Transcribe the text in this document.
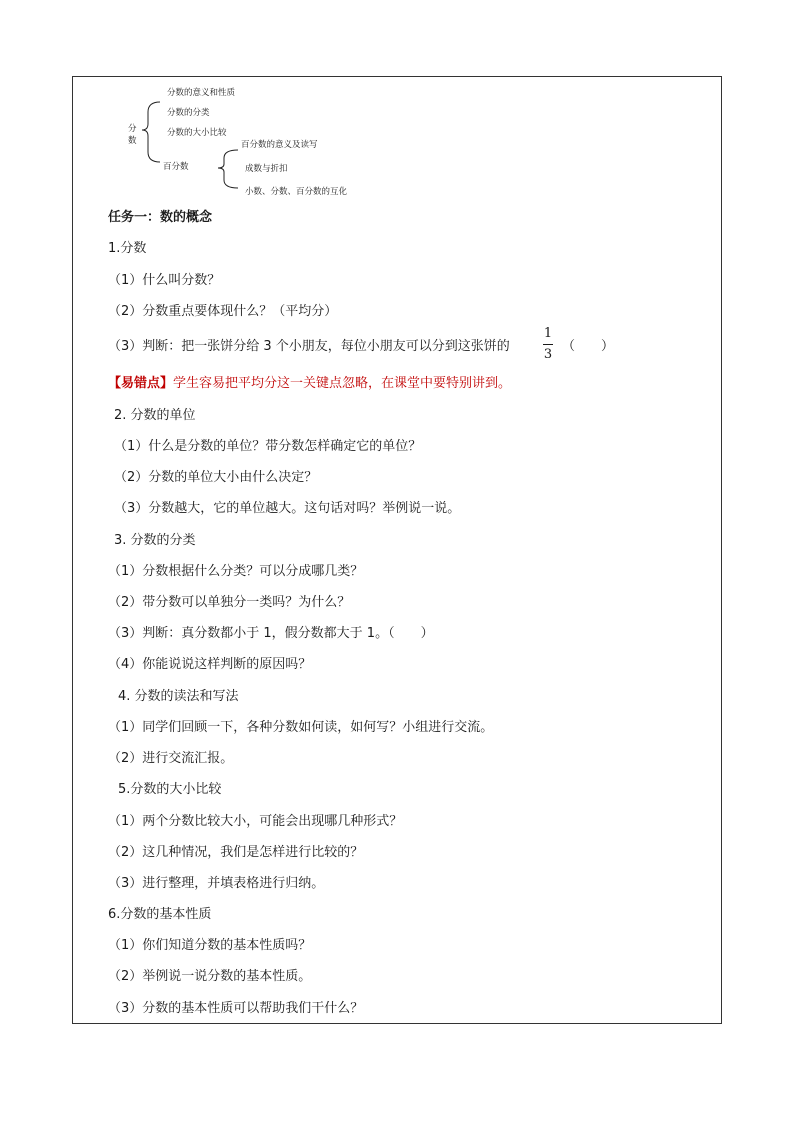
分
数
分数的意义和性质
分数的分类
分数的大小比较
百分数
百分数的意义及读写
成数与折扣
小数、分数、百分数的互化
任务一：数的概念
1.分数
（1）什么叫分数？
（2）分数重点要体现什么？（平均分）
（3）判断：把一张饼分给 3 个小朋友，每位小朋友可以分到这张饼的
1
3
（　　）
【易错点】学生容易把平均分这一关键点忽略，在课堂中要特别讲到。
2. 分数的单位
（1）什么是分数的单位？带分数怎样确定它的单位？
（2）分数的单位大小由什么决定？
（3）分数越大，它的单位越大。这句话对吗？举例说一说。
3. 分数的分类
（1）分数根据什么分类？可以分成哪几类？
（2）带分数可以单独分一类吗？为什么？
（3）判断：真分数都小于 1，假分数都大于 1。（　　）
（4）你能说说这样判断的原因吗？
4. 分数的读法和写法
（1）同学们回顾一下，各种分数如何读，如何写？小组进行交流。
（2）进行交流汇报。
5.分数的大小比较
（1）两个分数比较大小，可能会出现哪几种形式？
（2）这几种情况，我们是怎样进行比较的？
（3）进行整理，并填表格进行归纳。
6.分数的基本性质
（1）你们知道分数的基本性质吗？
（2）举例说一说分数的基本性质。
（3）分数的基本性质可以帮助我们干什么？
